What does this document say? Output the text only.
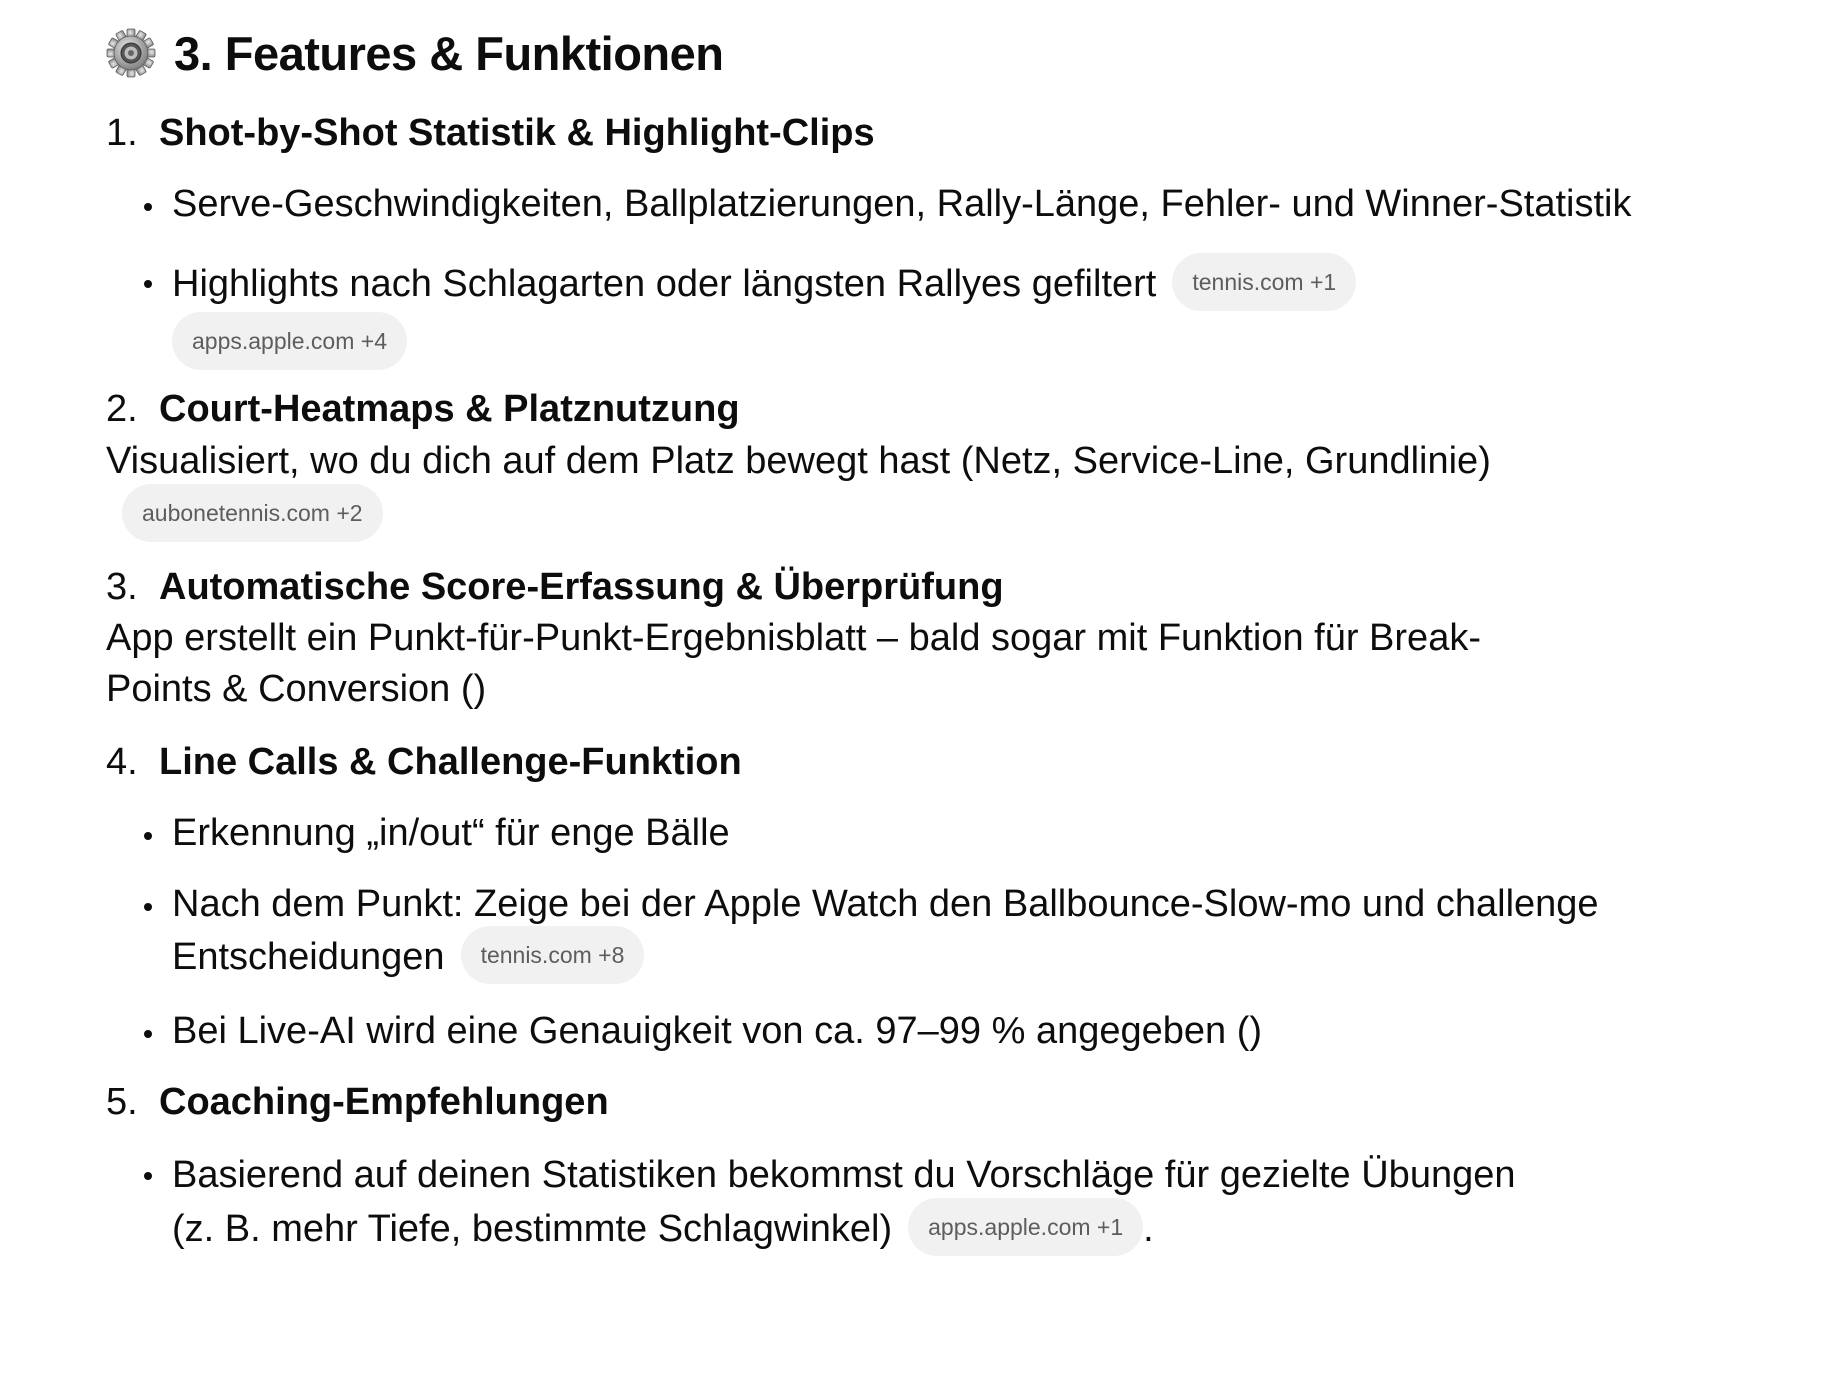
3. Features & Funktionen
1. Shot-by-Shot Statistik & Highlight-Clips
Serve-Geschwindigkeiten, Ballplatzierungen, Rally-Länge, Fehler- und Winner-Statistik
Highlights nach Schlagarten oder längsten Rallyes gefiltert tennis.com +1
apps.apple.com +4
2. Court-Heatmaps & Platznutzung

Visualisiert, wo du dich auf dem Platz bewegt hast (Netz, Service-Line, Grundlinie)aubonetennis.com +2

3. Automatische Score-Erfassung & Überprüfung

App erstellt ein Punkt-für-Punkt-Ergebnisblatt – bald sogar mit Funktion für Break-Points & Conversion ()

4. Line Calls & Challenge-Funktion
Erkennung „in/out“ für enge Bälle
Nach dem Punkt: Zeige bei der Apple Watch den Ballbounce-Slow-mo und challenge Entscheidungen tennis.com +8
Bei Live-AI wird eine Genauigkeit von ca. 97–99 % angegeben ()
5. Coaching-Empfehlungen
Basierend auf deinen Statistiken bekommst du Vorschläge für gezielte Übungen (z. B. mehr Tiefe, bestimmte Schlagwinkel) apps.apple.com +1 .
